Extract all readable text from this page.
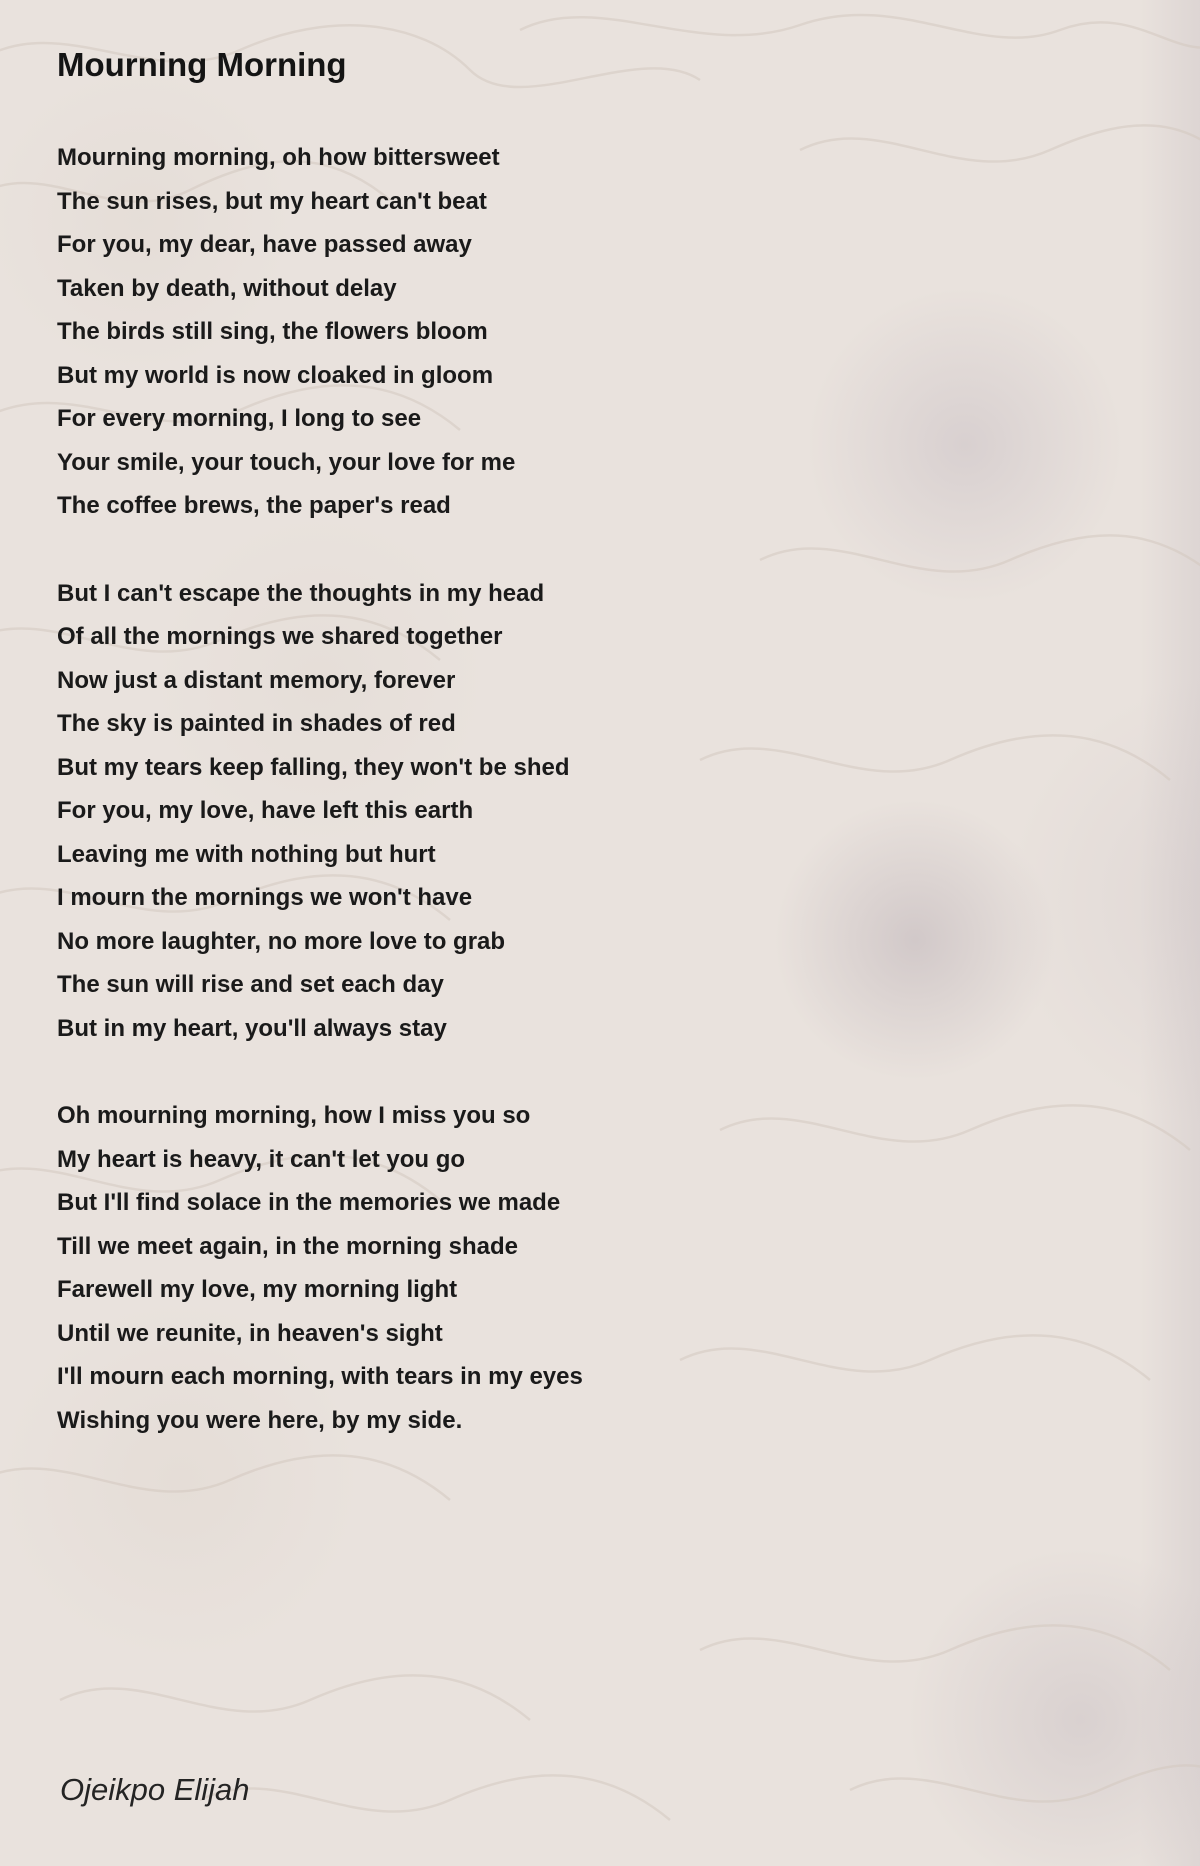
Mourning Morning

Mourning morning, oh how bittersweet

The sun rises, but my heart can't beat

For you, my dear, have passed away

Taken by death, without delay

The birds still sing, the flowers bloom

But my world is now cloaked in gloom

For every morning, I long to see

Your smile, your touch, your love for me

The coffee brews, the paper's read

But I can't escape the thoughts in my head

Of all the mornings we shared together

Now just a distant memory, forever

The sky is painted in shades of red

But my tears keep falling, they won't be shed

For you, my love, have left this earth

Leaving me with nothing but hurt

I mourn the mornings we won't have

No more laughter, no more love to grab

The sun will rise and set each day

But in my heart, you'll always stay

Oh mourning morning, how I miss you so

My heart is heavy, it can't let you go

But I'll find solace in the memories we made

Till we meet again, in the morning shade

Farewell my love, my morning light

Until we reunite, in heaven's sight

I'll mourn each morning, with tears in my eyes

Wishing you were here, by my side.

Ojeikpo Elijah
